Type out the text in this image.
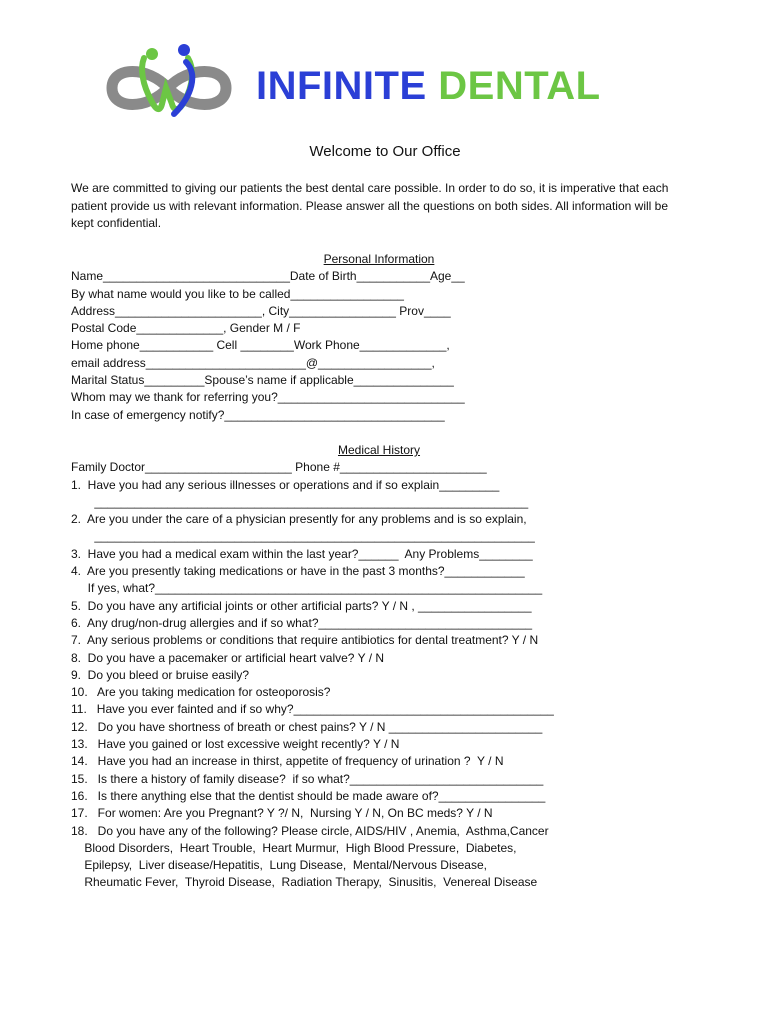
INFINITE DENTAL
Welcome to Our Office

We are committed to giving our patients the best dental care possible. In order to do so, it is imperative that each patient provide us with relevant information. Please answer all the questions on both sides. All information will be kept confidential.

Personal Information
Name____________________________Date of Birth___________Age__
By what name would you like to be called_________________
Address______________________, City________________ Prov____
Postal Code_____________, Gender M / F
Home phone___________ Cell ________Work Phone_____________,
email address________________________@_________________,
Marital Status_________Spouse’s name if applicable_______________
Whom may we thank for referring you?____________________________
In case of emergency notify?_________________________________
Medical History
Family Doctor______________________ Phone #______________________
1.  Have you had any serious illnesses or operations and if so explain_________
_________________________________________________________________
2.  Are you under the care of a physician presently for any problems and is so explain,
__________________________________________________________________
3.  Have you had a medical exam within the last year?______  Any Problems________
4.  Are you presently taking medications or have in the past 3 months?____________
If yes, what?__________________________________________________________
5.  Do you have any artificial joints or other artificial parts? Y / N , _________________
6.  Any drug/non-drug allergies and if so what?________________________________
7.  Any serious problems or conditions that require antibiotics for dental treatment? Y / N
8.  Do you have a pacemaker or artificial heart valve? Y / N
9.  Do you bleed or bruise easily?
10.   Are you taking medication for osteoporosis?
11.   Have you ever fainted and if so why?_______________________________________
12.   Do you have shortness of breath or chest pains? Y / N _______________________
13.   Have you gained or lost excessive weight recently? Y / N
14.   Have you had an increase in thirst, appetite of frequency of urination ?  Y / N
15.   Is there a history of family disease?  if so what?_____________________________
16.   Is there anything else that the dentist should be made aware of?________________
17.   For women: Are you Pregnant? Y ?/ N,  Nursing Y / N, On BC meds? Y / N
18.   Do you have any of the following? Please circle, AIDS/HIV , Anemia,  Asthma,Cancer
Blood Disorders,  Heart Trouble,  Heart Murmur,  High Blood Pressure,  Diabetes,
Epilepsy,  Liver disease/Hepatitis,  Lung Disease,  Mental/Nervous Disease,
Rheumatic Fever,  Thyroid Disease,  Radiation Therapy,  Sinusitis,  Venereal Disease
